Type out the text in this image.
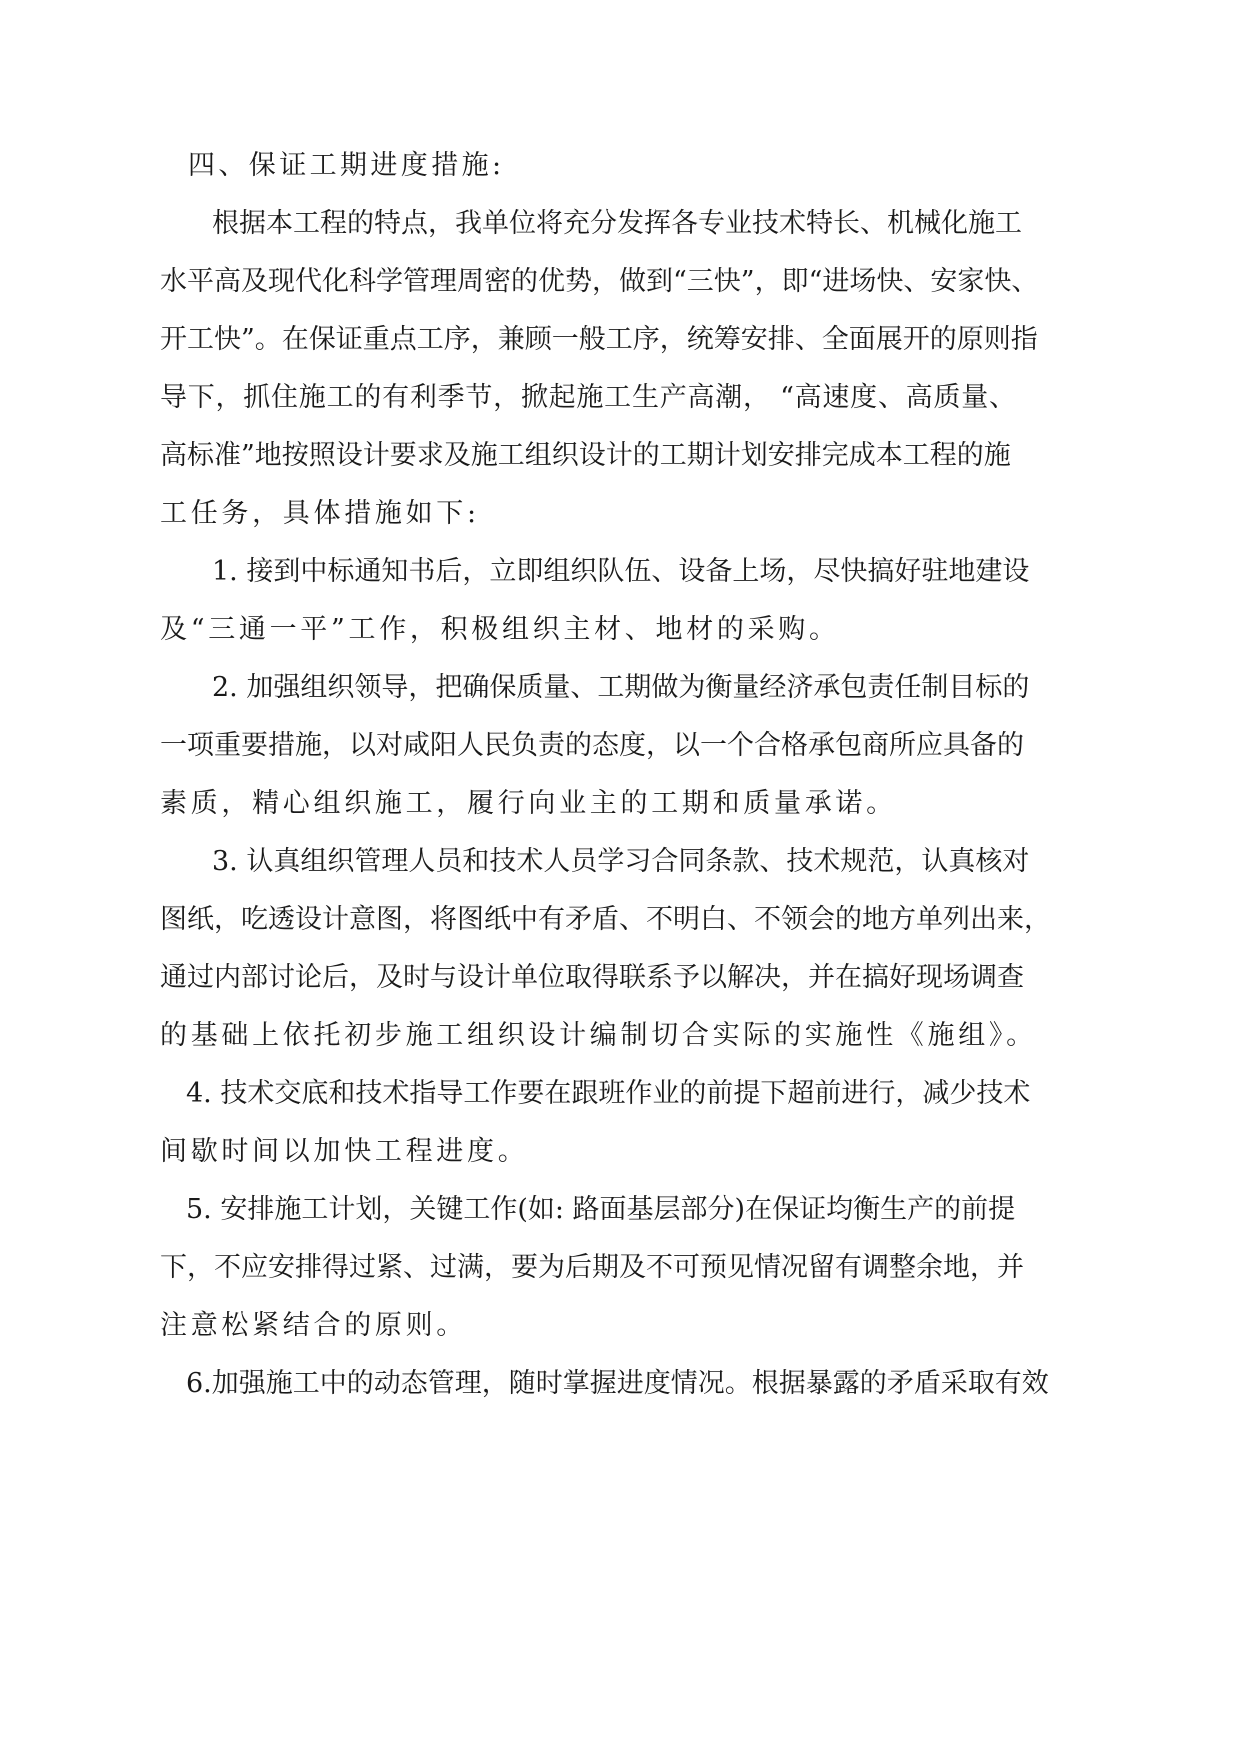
四、保证工期进度措施:
根据本工程的特点，我单位将充分发挥各专业技术特长、机械化施工
水平高及现代化科学管理周密的优势，做到“三快”，即“进场快、安家快、
开工快”。在保证重点工序，兼顾一般工序，统筹安排、全面展开的原则指
导下，抓住施工的有利季节，掀起施工生产高潮， “高速度、高质量、
高标准”地按照设计要求及施工组织设计的工期计划安排完成本工程的施
工任务，具体措施如下:
1. 接到中标通知书后，立即组织队伍、设备上场，尽快搞好驻地建设
及“三通一平”工作，积极组织主材、地材的采购。
2. 加强组织领导，把确保质量、工期做为衡量经济承包责任制目标的
一项重要措施，以对咸阳人民负责的态度，以一个合格承包商所应具备的
素质，精心组织施工，履行向业主的工期和质量承诺。
3. 认真组织管理人员和技术人员学习合同条款、技术规范，认真核对
图纸，吃透设计意图，将图纸中有矛盾、不明白、不领会的地方单列出来，
通过内部讨论后，及时与设计单位取得联系予以解决，并在搞好现场调查
的基础上依托初步施工组织设计编制切合实际的实施性《施组》。
4. 技术交底和技术指导工作要在跟班作业的前提下超前进行，减少技术
间歇时间以加快工程进度。
5. 安排施工计划，关键工作(如: 路面基层部分)在保证均衡生产的前提
下，不应安排得过紧、过满，要为后期及不可预见情况留有调整余地，并
注意松紧结合的原则。
6.加强施工中的动态管理，随时掌握进度情况。根据暴露的矛盾采取有效
